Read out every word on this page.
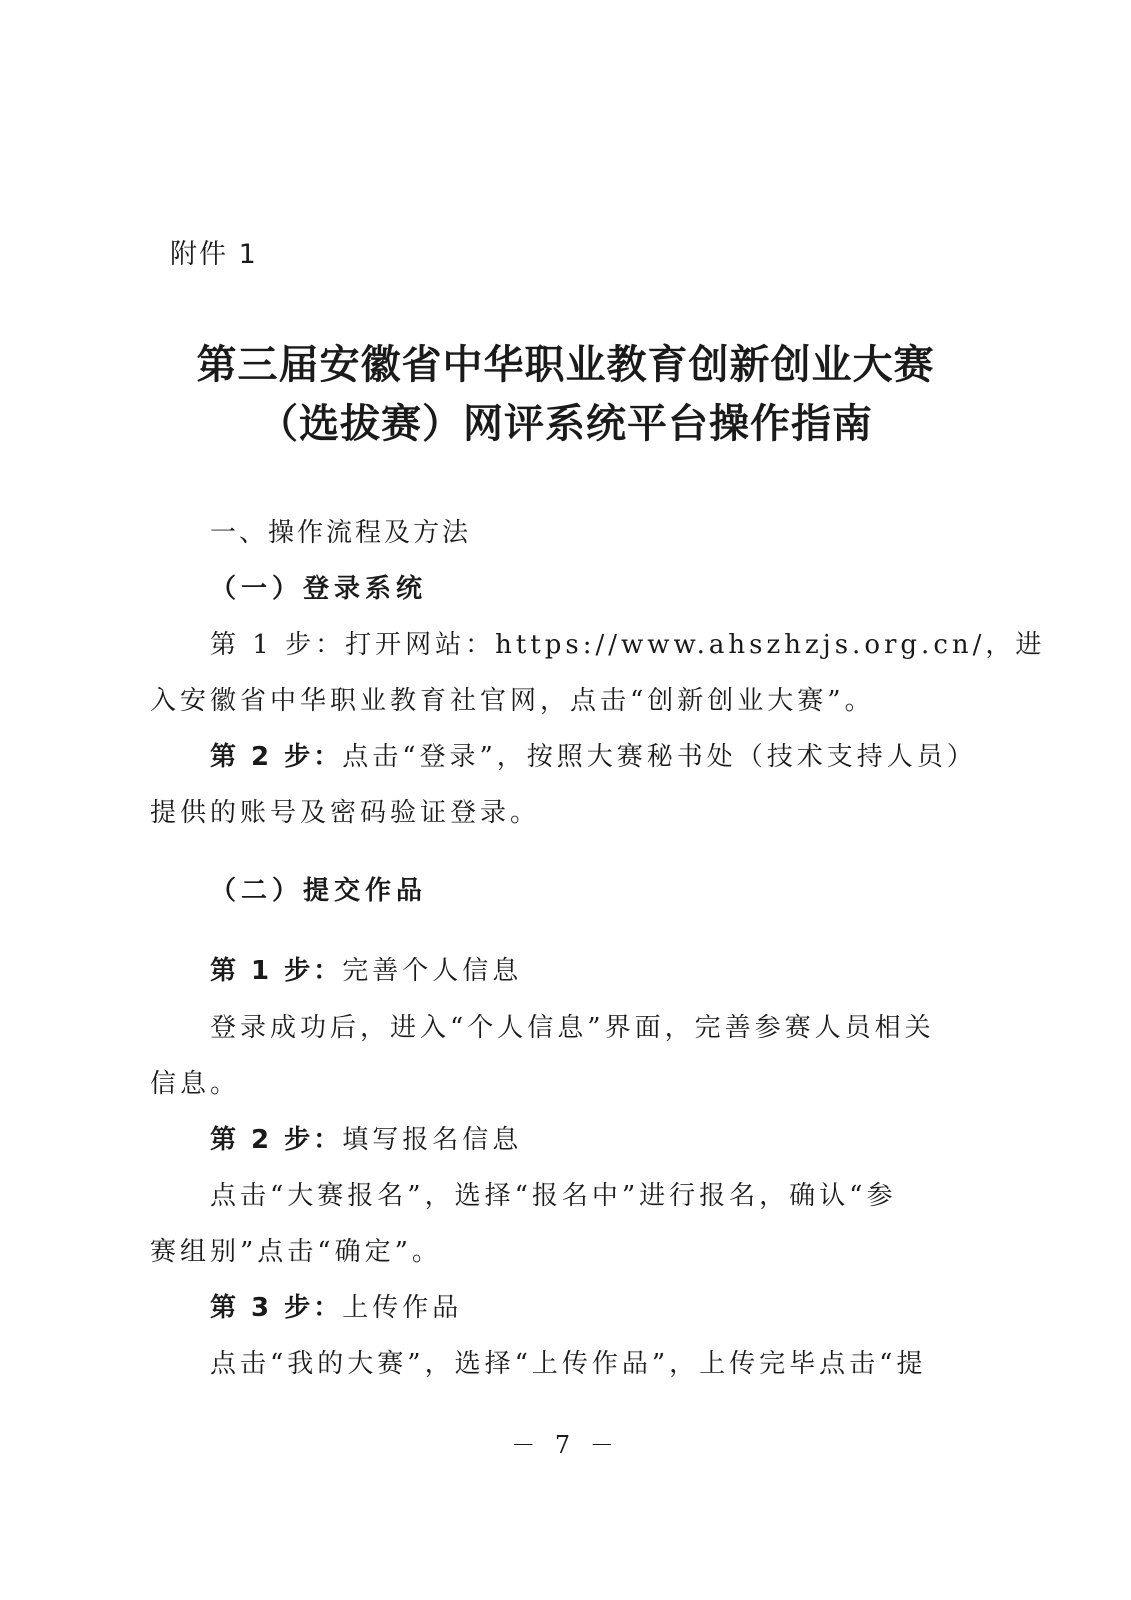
附件 1
第三届安徽省中华职业教育创新创业大赛
（选拔赛）网评系统平台操作指南
一、操作流程及方法
（一）登录系统
第 1 步：打开网站：https://www.ahszhzjs.org.cn/，进
入安徽省中华职业教育社官网，点击“创新创业大赛”。
第 2 步：点击“登录”，按照大赛秘书处（技术支持人员）
提供的账号及密码验证登录。
（二）提交作品
第 1 步：完善个人信息
登录成功后，进入“个人信息”界面，完善参赛人员相关
信息。
第 2 步：填写报名信息
点击“大赛报名”，选择“报名中”进行报名，确认“参
赛组别”点击“确定”。
第 3 步：上传作品
点击“我的大赛”，选择“上传作品”，上传完毕点击“提
－ 7 －
